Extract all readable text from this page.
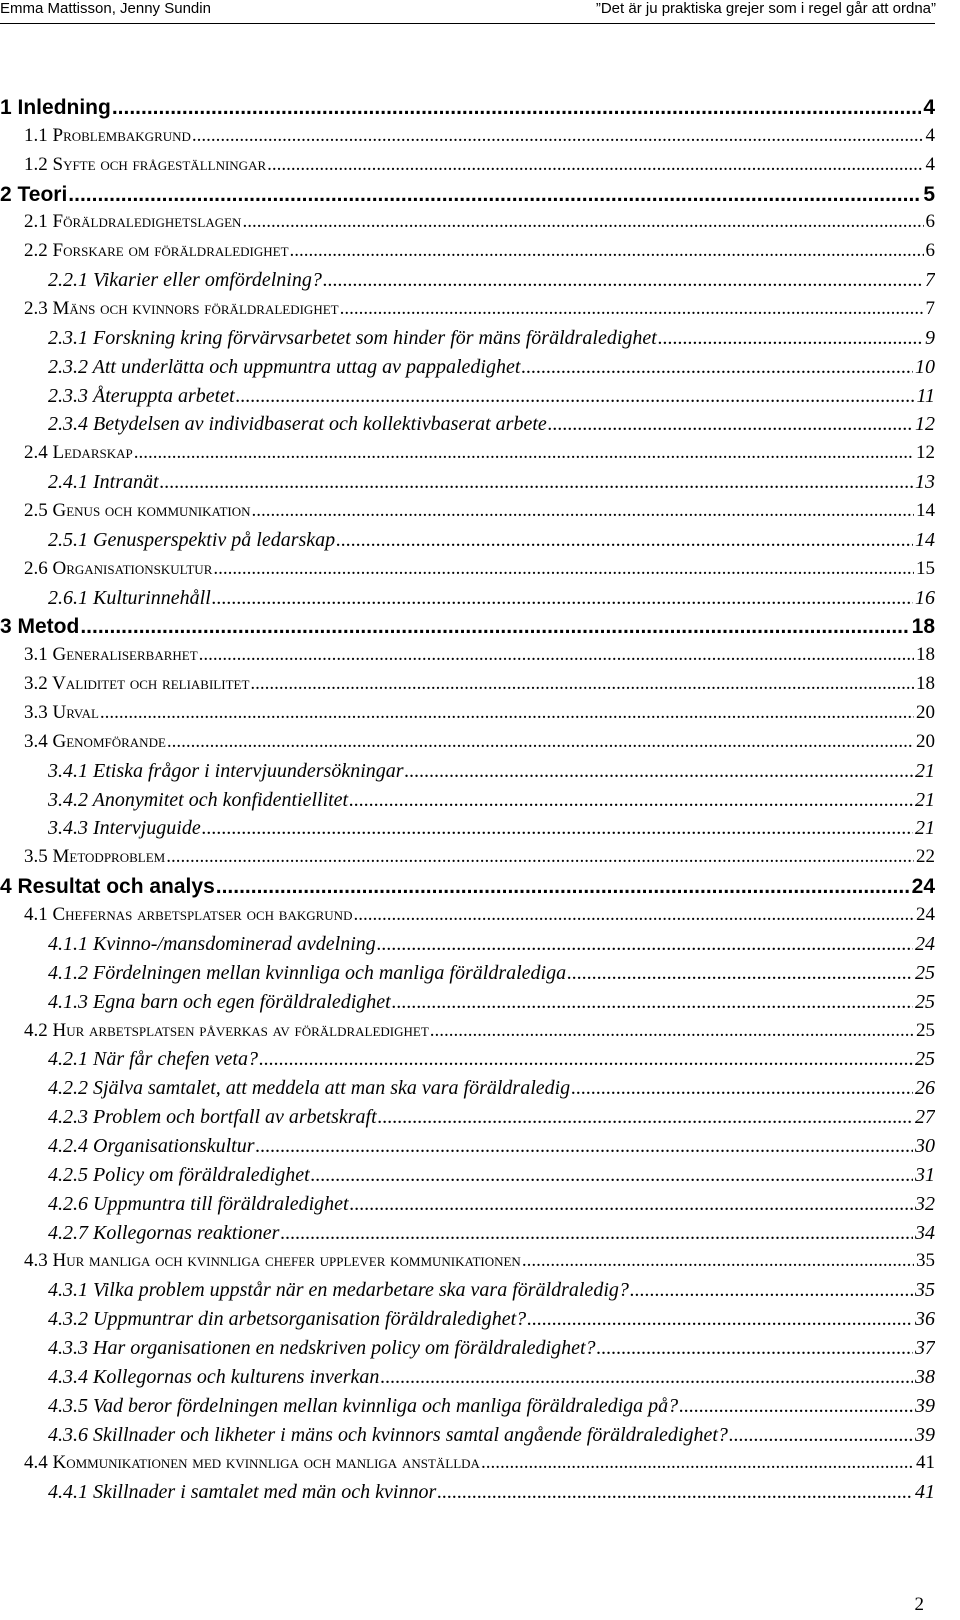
Emma Mattisson, Jenny Sundin	”Det är ju praktiska grejer som i regel går att ordna”
1 Inledning .....	4
1.1 Problembakgrund .....	4
1.2 Syfte och frågeställningar .....	4
2 Teori .....	5
2.1 Föräldraledighetslagen .....	6
2.2 Forskare om föräldraledighet .....	6
2.2.1 Vikarier eller omfördelning? .....	7
2.3 Mäns och kvinnors föräldraledighet .....	7
2.3.1 Forskning kring förvärvsarbetet som hinder för mäns föräldraledighet .....	9
2.3.2 Att underlätta och uppmuntra uttag av pappaledighet .....	10
2.3.3 Återuppta arbetet .....	11
2.3.4 Betydelsen av individbaserat och kollektivbaserat arbete .....	12
2.4 Ledarskap .....	12
2.4.1 Intranät .....	13
2.5 Genus och kommunikation .....	14
2.5.1 Genusperspektiv på ledarskap .....	14
2.6 Organisationskultur .....	15
2.6.1 Kulturinnehåll .....	16
3 Metod .....	18
3.1 Generaliserbarhet .....	18
3.2 Validitet och reliabilitet .....	18
3.3 Urval .....	20
3.4 Genomförande .....	20
3.4.1 Etiska frågor i intervjuundersökningar .....	21
3.4.2 Anonymitet och konfidentiellitet .....	21
3.4.3 Intervjuguide .....	21
3.5 Metodproblem .....	22
4 Resultat och analys .....	24
4.1 Chefernas arbetsplatser och bakgrund .....	24
4.1.1 Kvinno-/mansdominerad avdelning .....	24
4.1.2 Fördelningen mellan kvinnliga och manliga föräldralediga .....	25
4.1.3 Egna barn och egen föräldraledighet .....	25
4.2 Hur arbetsplatsen påverkas av föräldraledighet .....	25
4.2.1 När får chefen veta? .....	25
4.2.2 Själva samtalet, att meddela att man ska vara föräldraledig .....	26
4.2.3 Problem och bortfall av arbetskraft .....	27
4.2.4 Organisationskultur .....	30
4.2.5 Policy om föräldraledighet .....	31
4.2.6 Uppmuntra till föräldraledighet .....	32
4.2.7 Kollegornas reaktioner .....	34
4.3 Hur manliga och kvinnliga chefer upplever kommunikationen .....	35
4.3.1 Vilka problem uppstår när en medarbetare ska vara föräldraledig? .....	35
4.3.2 Uppmuntrar din arbetsorganisation föräldraledighet? .....	36
4.3.3 Har organisationen en nedskriven policy om föräldraledighet? .....	37
4.3.4 Kollegornas och kulturens inverkan .....	38
4.3.5 Vad beror fördelningen mellan kvinnliga och manliga föräldralediga på? .....	39
4.3.6 Skillnader och likheter i mäns och kvinnors samtal angående föräldraledighet? .....	39
4.4 Kommunikationen med kvinnliga och manliga anställda .....	41
4.4.1 Skillnader i samtalet med män och kvinnor .....	41
2
